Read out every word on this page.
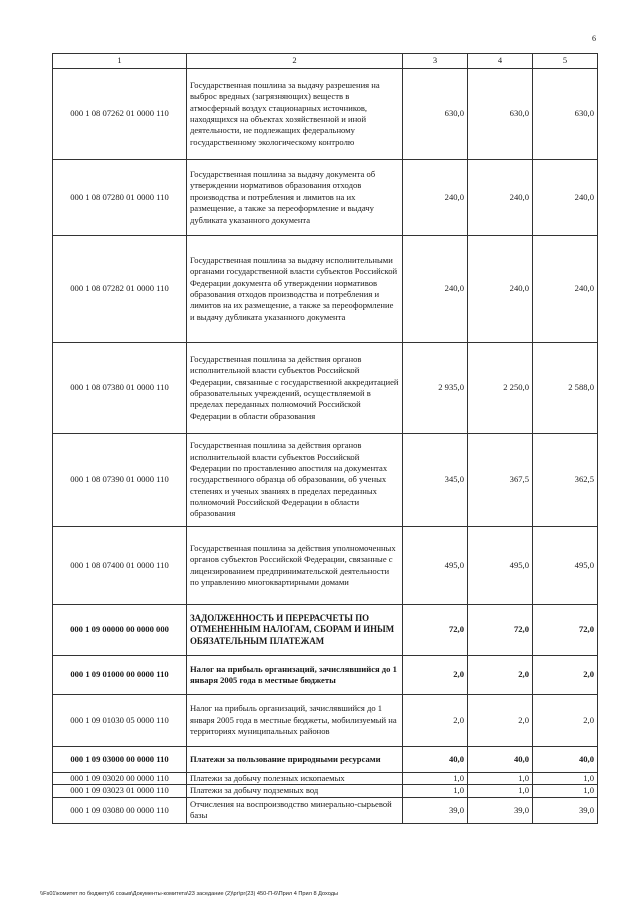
6
1	2	3	4	5
000 1 08 07262 01 0000 110	Государственная пошлина за выдачу разрешения на выброс вредных (загрязняющих) веществ в атмосферный воздух стационарных источников, находящихся на объектах хозяйственной и иной деятельности, не подлежащих федеральному государственному экологическому контролю	630,0	630,0	630,0
000 1 08 07280 01 0000 110	Государственная пошлина за выдачу документа об утверждении нормативов образования отходов производства и потребления и лимитов на их размещение, а также за переоформление и выдачу дубликата указанного документа	240,0	240,0	240,0
000 1 08 07282 01 0000 110	Государственная пошлина за выдачу исполнительными органами государственной власти субъектов Российской Федерации документа об утверждении нормативов образования отходов производства и потребления и лимитов на их размещение, а также за переоформление и выдачу дубликата указанного документа	240,0	240,0	240,0
000 1 08 07380 01 0000 110	Государственная пошлина за действия органов исполнительной власти субъектов Российской Федерации, связанные с государственной аккредитацией образовательных учреждений, осуществляемой в пределах переданных полномочий Российской Федерации в области образования	2 935,0	2 250,0	2 588,0
000 1 08 07390 01 0000 110	Государственная пошлина за действия органов исполнительной власти субъектов Российской Федерации по проставлению апостиля на документах государственного образца об образовании, об ученых степенях и ученых званиях в пределах переданных полномочий Российской Федерации в области образования	345,0	367,5	362,5
000 1 08 07400 01 0000 110	Государственная пошлина за действия уполномоченных органов субъектов Российской Федерации, связанные с лицензированием предпринимательской деятельности по управлению многоквартирными домами	495,0	495,0	495,0
000 1 09 00000 00 0000 000	ЗАДОЛЖЕННОСТЬ И ПЕРЕРАСЧЕТЫ ПО ОТМЕНЕННЫМ НАЛОГАМ, СБОРАМ И ИНЫМ ОБЯЗАТЕЛЬНЫМ ПЛАТЕЖАМ	72,0	72,0	72,0
000 1 09 01000 00 0000 110	Налог на прибыль организаций, зачислявшийся до 1 января 2005 года в местные бюджеты	2,0	2,0	2,0
000 1 09 01030 05 0000 110	Налог на прибыль организаций, зачислявшийся до 1 января 2005 года в местные бюджеты, мобилизуемый на территориях муниципальных районов	2,0	2,0	2,0
000 1 09 03000 00 0000 110	Платежи за пользование природными ресурсами	40,0	40,0	40,0
000 1 09 03020 00 0000 110	Платежи за добычу полезных ископаемых	1,0	1,0	1,0
000 1 09 03023 01 0000 110	Платежи за добычу подземных вод	1,0	1,0	1,0
000 1 09 03080 00 0000 110	Отчисления на воспроизводство минерально-сырьевой базы	39,0	39,0	39,0
\\Fs01\комитет по бюджету\6 созыв\Документы-комитета\23 заседание (2)\рг\рг(23) 450-П-6\Прил 4 Прил 8 Доходы
